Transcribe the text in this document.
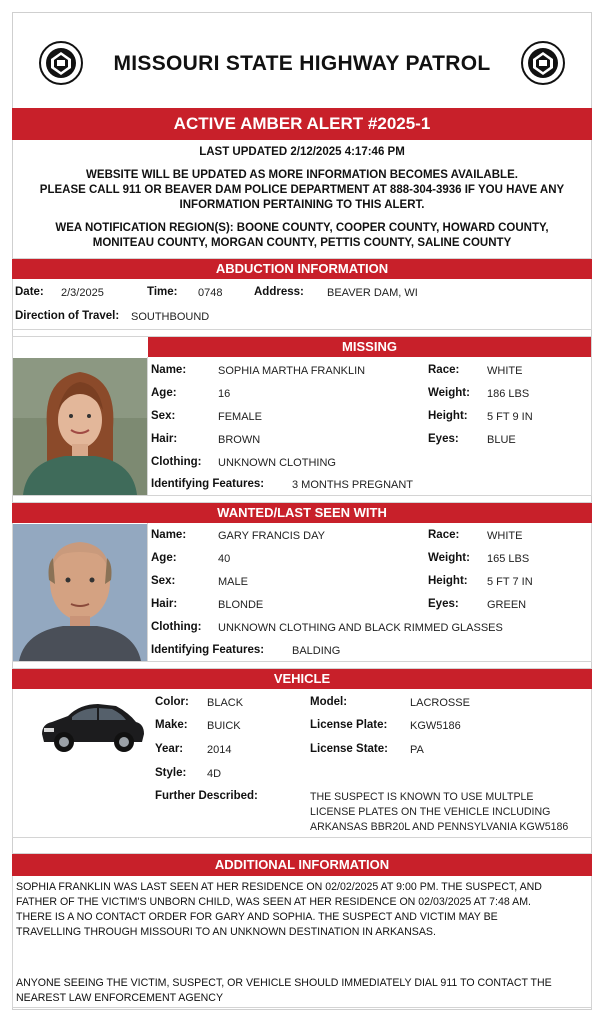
MISSOURI STATE HIGHWAY PATROL
ACTIVE AMBER ALERT #2025-1
LAST UPDATED 2/12/2025 4:17:46 PM
WEBSITE WILL BE UPDATED AS MORE INFORMATION BECOMES AVAILABLE.
PLEASE CALL 911 OR BEAVER DAM POLICE DEPARTMENT AT 888-304-3936 IF YOU HAVE ANY
INFORMATION PERTAINING TO THIS ALERT.
WEA NOTIFICATION REGION(S): BOONE COUNTY, COOPER COUNTY, HOWARD COUNTY,
MONITEAU COUNTY, MORGAN COUNTY, PETTIS COUNTY, SALINE COUNTY
ABDUCTION INFORMATION
Date: 2/3/2025	Time: 0748	Address: BEAVER DAM, WI
Direction of Travel: SOUTHBOUND
MISSING
Name:	SOPHIA MARTHA FRANKLIN	Race:	WHITE
Age:	16	Weight: 186 LBS
Sex:	FEMALE	Height: 5 FT 9 IN
Hair:	BROWN	Eyes:	BLUE
Clothing: UNKNOWN CLOTHING
Identifying Features:	3 MONTHS PREGNANT
WANTED/LAST SEEN WITH
Name:	GARY FRANCIS DAY	Race:	WHITE
Age:	40	Weight: 165 LBS
Sex:	MALE	Height: 5 FT 7 IN
Hair:	BLONDE	Eyes:	GREEN
Clothing: UNKNOWN CLOTHING AND BLACK RIMMED GLASSES
Identifying Features:	BALDING
VEHICLE
Color: BLACK	Model:	LACROSSE
Make: BUICK	License Plate: KGW5186
Year: 2014	License State: PA
Style: 4D
Further Described:	THE SUSPECT IS KNOWN TO USE MULTPLE
LICENSE PLATES ON THE VEHICLE INCLUDING
ARKANSAS BBR20L AND PENNSYLVANIA KGW5186
ADDITIONAL INFORMATION
SOPHIA FRANKLIN WAS LAST SEEN AT HER RESIDENCE ON 02/02/2025 AT 9:00 PM. THE SUSPECT, AND
FATHER OF THE VICTIM'S UNBORN CHILD, WAS SEEN AT HER RESIDENCE ON 02/03/2025 AT 7:48 AM.
THERE IS A NO CONTACT ORDER FOR GARY AND SOPHIA. THE SUSPECT AND VICTIM MAY BE
TRAVELLING THROUGH MISSOURI TO AN UNKNOWN DESTINATION IN ARKANSAS.
ANYONE SEEING THE VICTIM, SUSPECT, OR VEHICLE SHOULD IMMEDIATELY DIAL 911 TO CONTACT THE
NEAREST LAW ENFORCEMENT AGENCY
